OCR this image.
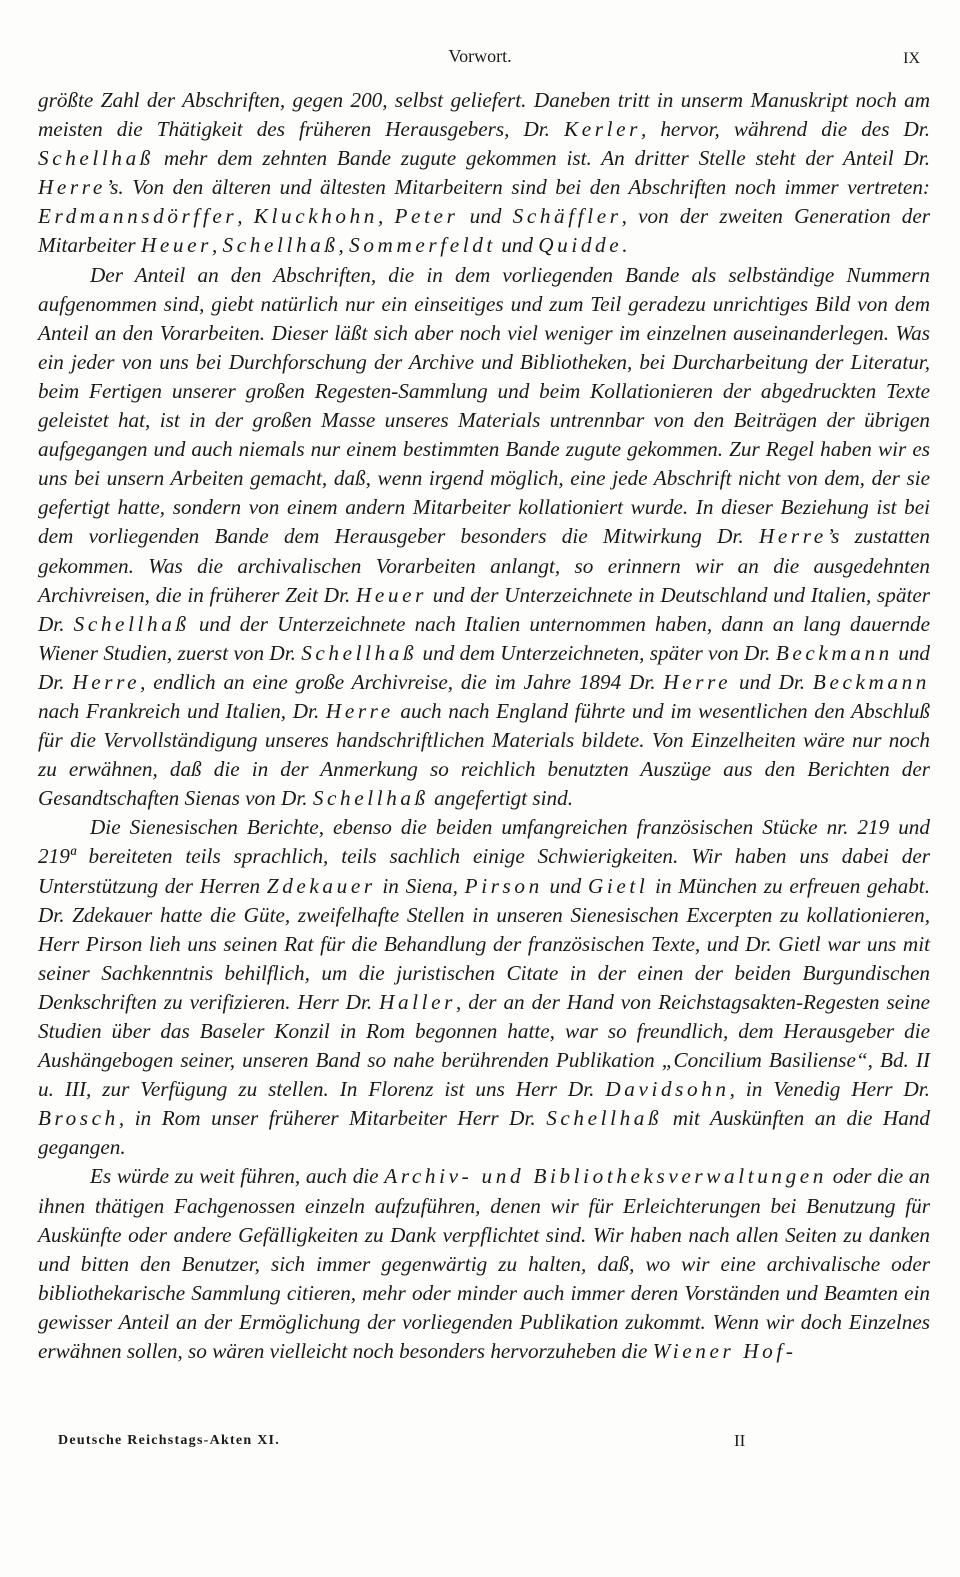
Vorwort.	IX

größte Zahl der Abschriften, gegen 200, selbst geliefert. Daneben tritt in unserm Manuskript noch am meisten die Thätigkeit des früheren Herausgebers, Dr. Kerler, hervor, während die des Dr. Schellhaß mehr dem zehnten Bande zugute gekommen ist. An dritter Stelle steht der Anteil Dr. Herre’s. Von den älteren und ältesten Mitarbeitern sind bei den Abschriften noch immer vertreten: Erdmannsdörffer, Kluckhohn, Peter und Schäffler, von der zweiten Generation der Mitarbeiter Heuer, Schellhaß, Sommerfeldt und Quidde.

Der Anteil an den Abschriften, die in dem vorliegenden Bande als selbständige Nummern aufgenommen sind, giebt natürlich nur ein einseitiges und zum Teil geradezu unrichtiges Bild von dem Anteil an den Vorarbeiten. Dieser läßt sich aber noch viel weniger im einzelnen auseinanderlegen. Was ein jeder von uns bei Durchforschung der Archive und Bibliotheken, bei Durcharbeitung der Literatur, beim Fertigen unserer großen Regesten-Sammlung und beim Kollationieren der abgedruckten Texte geleistet hat, ist in der großen Masse unseres Materials untrennbar von den Beiträgen der übrigen aufgegangen und auch niemals nur einem bestimmten Bande zugute gekommen. Zur Regel haben wir es uns bei unsern Arbeiten gemacht, daß, wenn irgend möglich, eine jede Abschrift nicht von dem, der sie gefertigt hatte, sondern von einem andern Mitarbeiter kollationiert wurde. In dieser Beziehung ist bei dem vorliegenden Bande dem Herausgeber besonders die Mitwirkung Dr. Herre’s zustatten gekommen. Was die archivalischen Vorarbeiten anlangt, so erinnern wir an die ausgedehnten Archivreisen, die in früherer Zeit Dr. Heuer und der Unterzeichnete in Deutschland und Italien, später Dr. Schellhaß und der Unterzeichnete nach Italien unternommen haben, dann an lang dauernde Wiener Studien, zuerst von Dr. Schellhaß und dem Unterzeichneten, später von Dr. Beckmann und Dr. Herre, endlich an eine große Archivreise, die im Jahre 1894 Dr. Herre und Dr. Beckmann nach Frankreich und Italien, Dr. Herre auch nach England führte und im wesentlichen den Abschluß für die Vervollständigung unseres handschriftlichen Materials bildete. Von Einzelheiten wäre nur noch zu erwähnen, daß die in der Anmerkung so reichlich benutzten Auszüge aus den Berichten der Gesandtschaften Sienas von Dr. Schellhaß angefertigt sind.

Die Sienesischen Berichte, ebenso die beiden umfangreichen französischen Stücke nr. 219 und 219ª bereiteten teils sprachlich, teils sachlich einige Schwierigkeiten. Wir haben uns dabei der Unterstützung der Herren Zdekauer in Siena, Pirson und Gietl in München zu erfreuen gehabt. Dr. Zdekauer hatte die Güte, zweifelhafte Stellen in unseren Sienesischen Excerpten zu kollationieren, Herr Pirson lieh uns seinen Rat für die Behandlung der französischen Texte, und Dr. Gietl war uns mit seiner Sachkenntnis behilflich, um die juristischen Citate in der einen der beiden Burgundischen Denkschriften zu verifizieren. Herr Dr. Haller, der an der Hand von Reichstagsakten-Regesten seine Studien über das Baseler Konzil in Rom begonnen hatte, war so freundlich, dem Herausgeber die Aushängebogen seiner, unseren Band so nahe berührenden Publikation „Concilium Basiliense“, Bd. II u. III, zur Verfügung zu stellen. In Florenz ist uns Herr Dr. Davidsohn, in Venedig Herr Dr. Brosch, in Rom unser früherer Mitarbeiter Herr Dr. Schellhaß mit Auskünften an die Hand gegangen.

Es würde zu weit führen, auch die Archiv- und Bibliotheksverwaltungen oder die an ihnen thätigen Fachgenossen einzeln aufzuführen, denen wir für Erleichterungen bei Benutzung für Auskünfte oder andere Gefälligkeiten zu Dank verpflichtet sind. Wir haben nach allen Seiten zu danken und bitten den Benutzer, sich immer gegenwärtig zu halten, daß, wo wir eine archivalische oder bibliothekarische Sammlung citieren, mehr oder minder auch immer deren Vorständen und Beamten ein gewisser Anteil an der Ermöglichung der vorliegenden Publikation zukommt. Wenn wir doch Einzelnes erwähnen sollen, so wären vielleicht noch besonders hervorzuheben die Wiener Hof-

Deutsche Reichstags-Akten XI.	II
